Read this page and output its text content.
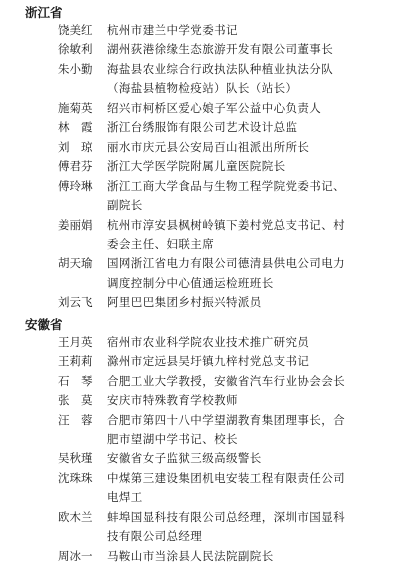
浙江省
饶美红	杭州市建兰中学党委书记
徐敏利	湖州荻港徐缘生态旅游开发有限公司董事长
朱小勤	海盐县农业综合行政执法队种植业执法分队
（海盐县植物检疫站）队长（站长）
施菊英	绍兴市柯桥区爱心娘子军公益中心负责人
林　霞	浙江台绣服饰有限公司艺术设计总监
刘　琼	丽水市庆元县公安局百山祖派出所所长
傅君芬	浙江大学医学院附属儿童医院院长
傅玲琳	浙江工商大学食品与生物工程学院党委书记、
副院长
姜丽娟	杭州市淳安县枫树岭镇下姜村党总支书记、村
委会主任、妇联主席
胡天瑜	国网浙江省电力有限公司德清县供电公司电力
调度控制分中心值通运检班班长
刘云飞	阿里巴巴集团乡村振兴特派员
安徽省
王月英	宿州市农业科学院农业技术推广研究员
王莉莉	滁州市定远县吴圩镇九梓村党总支书记
石　琴	合肥工业大学教授，安徽省汽车行业协会会长
张　莫	安庆市特殊教育学校教师
汪　蓉	合肥市第四十八中学望湖教育集团理事长，合
肥市望湖中学书记、校长
吴秋瑾	安徽省女子监狱三级高级警长
沈珠珠	中煤第三建设集团机电安装工程有限责任公司
电焊工
欧木兰	蚌埠国显科技有限公司总经理，深圳市国显科
技有限公司总经理
周冰一	马鞍山市当涂县人民法院副院长
